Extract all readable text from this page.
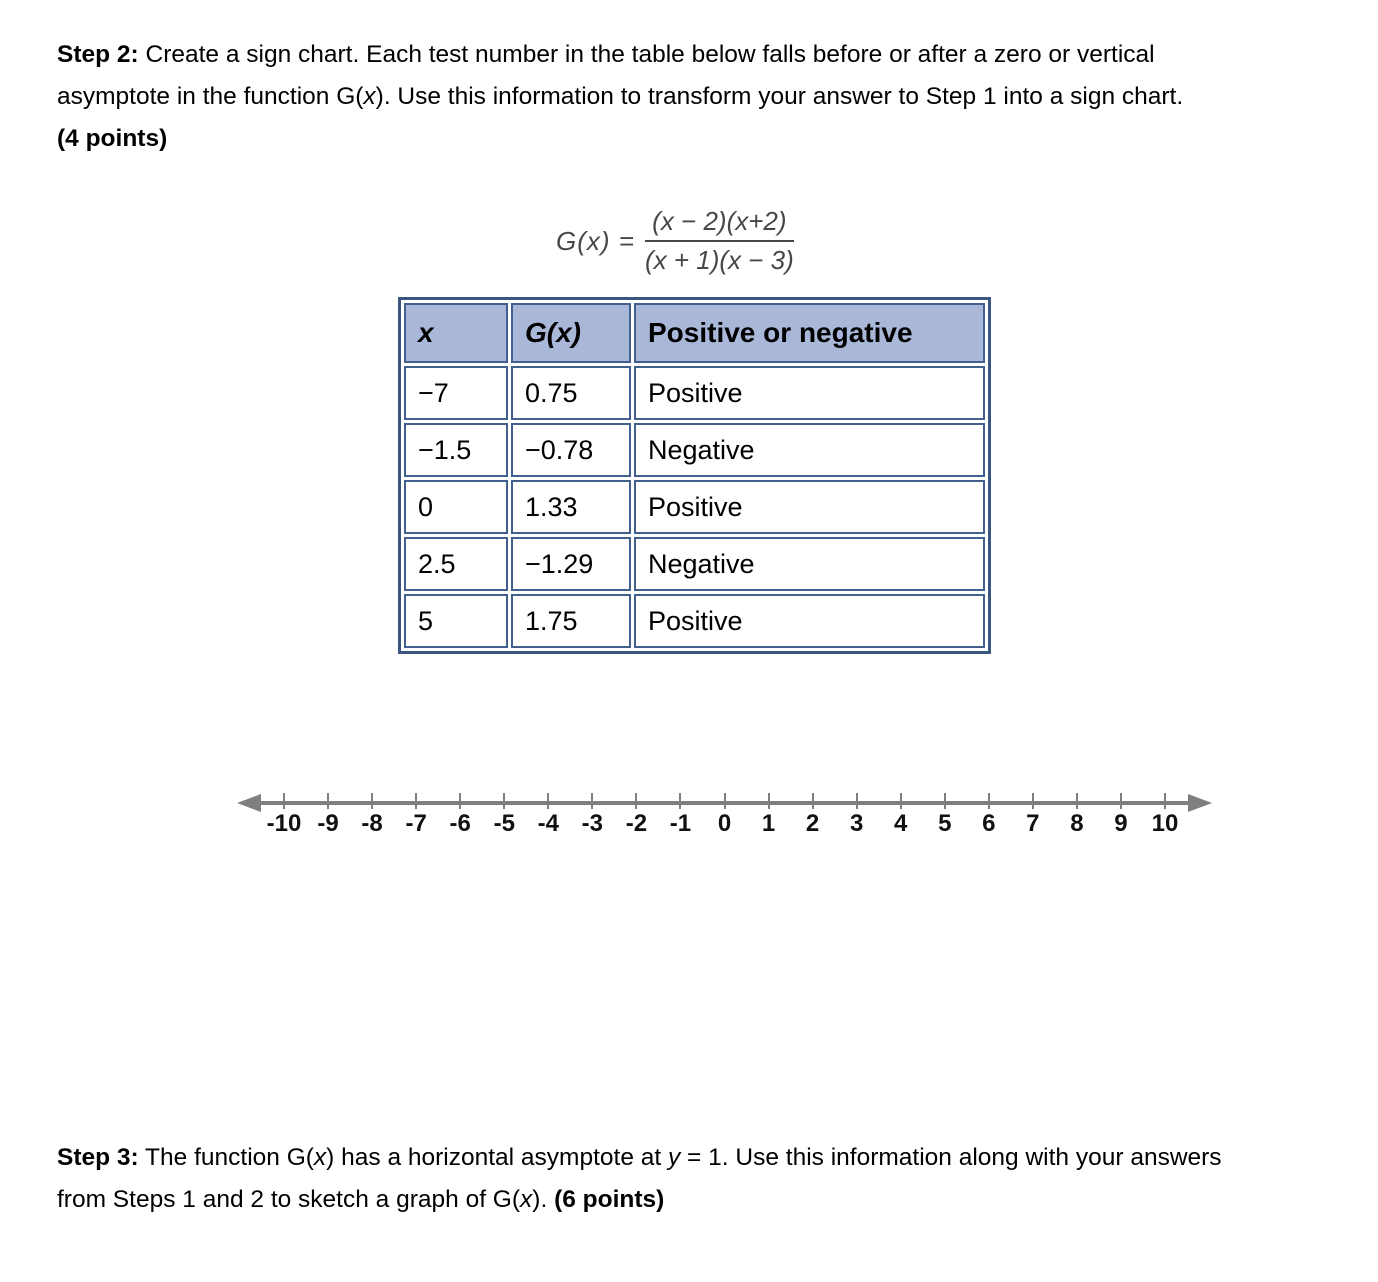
Step 2: Create a sign chart. Each test number in the table below falls before or after a zero or vertical
asymptote in the function G(x). Use this information to transform your answer to Step 1 into a sign chart.
(4 points)
$G(x) = \frac{(x - 2)(x+2)}{(x + 1)(x - 3)}$
x	G(x)	Positive or negative
−7	0.75	Positive
−1.5	−0.78	Negative
0	1.33	Positive
2.5	−1.29	Negative
5	1.75	Positive
-10 -9 -8 -7 -6 -5 -4 -3 -2 -1	0	1	2	3	4	5	6	7	8	9	10
Step 3: The function G(x) has a horizontal asymptote at y = 1. Use this information along with your answers
from Steps 1 and 2 to sketch a graph of G(x). (6 points)
